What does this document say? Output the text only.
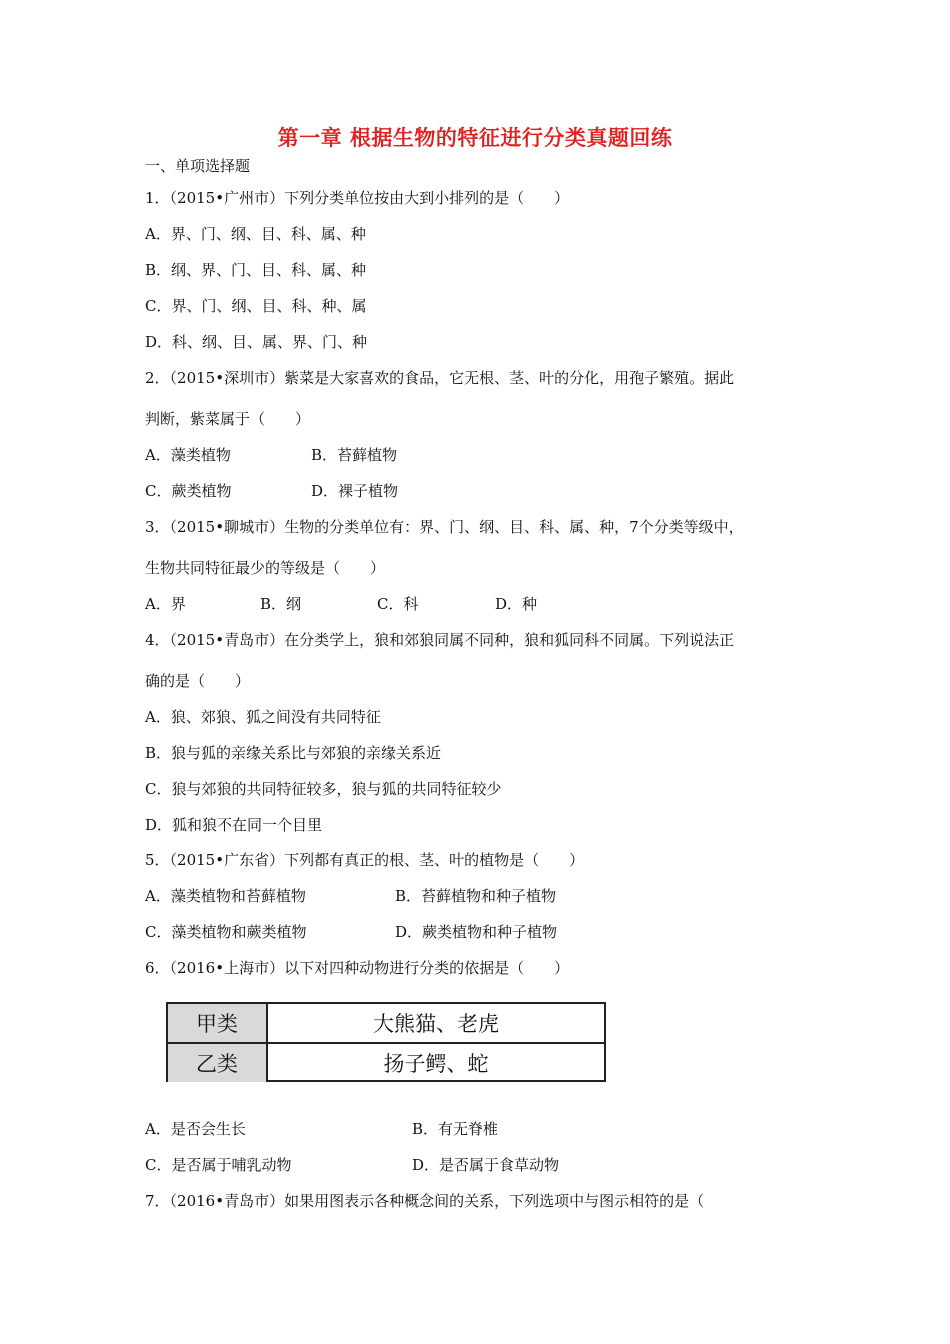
第一章 根据生物的特征进行分类真题回练
一、单项选择题
1．（2015•广州市）下列分类单位按由大到小排列的是（　　）
A．界、门、纲、目、科、属、种
B．纲、界、门、目、科、属、种
C．界、门、纲、目、科、种、属
D．科、纲、目、属、界、门、种
2．（2015•深圳市）紫菜是大家喜欢的食品，它无根、茎、叶的分化，用孢子繁殖。据此
判断，紫菜属于（　　）
A．藻类植物	B．苔藓植物
C．蕨类植物	D．裸子植物
3．（2015•聊城市）生物的分类单位有：界、门、纲、目、科、属、种，7个分类等级中，
生物共同特征最少的等级是（　　）
A．界	B．纲	C．科	D．种
4．（2015•青岛市）在分类学上，狼和郊狼同属不同种，狼和狐同科不同属。下列说法正
确的是（　　）
A．狼、郊狼、狐之间没有共同特征
B．狼与狐的亲缘关系比与郊狼的亲缘关系近
C．狼与郊狼的共同特征较多，狼与狐的共同特征较少
D．狐和狼不在同一个目里
5．（2015•广东省）下列都有真正的根、茎、叶的植物是（　　）
A．藻类植物和苔藓植物	B．苔藓植物和种子植物
C．藻类植物和蕨类植物	D．蕨类植物和种子植物
6．（2016•上海市）以下对四种动物进行分类的依据是（　　）
甲类	大熊猫、老虎
乙类	扬子鳄、蛇
A．是否会生长	B．有无脊椎
C．是否属于哺乳动物	D．是否属于食草动物
7．（2016•青岛市）如果用图表示各种概念间的关系，下列选项中与图示相符的是（
